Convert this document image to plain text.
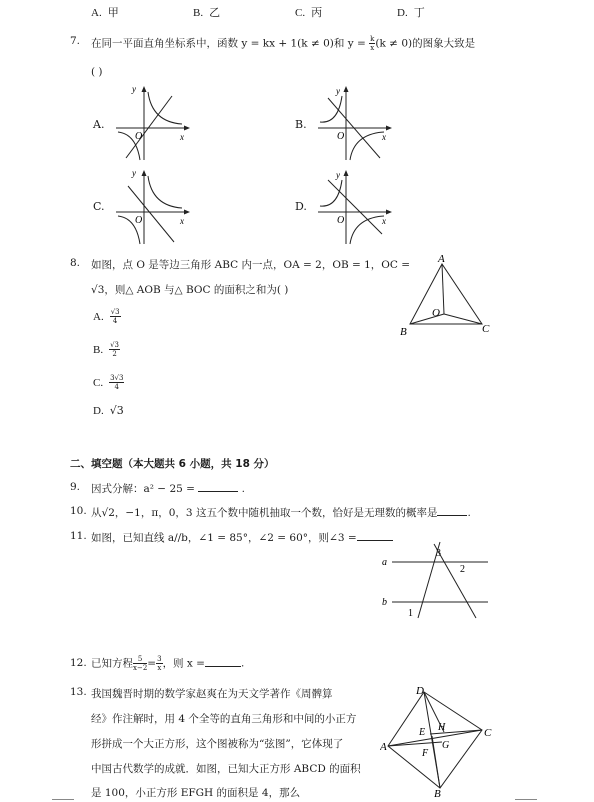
A. 甲	B. 乙	C. 丙	D. 丁
7. 在同一平面直角坐标系中，函数 y = kx + 1(k ≠ 0)和 $y = \frac{k}{x} (k \ne 0)$的图象大致是
( )
A.	B.
C.	D.
y
x
O
y
x
O
y
x
O
y
x
O
8. 如图，点 O 是等边三角形 ABC 内一点，OA = 2，OB = 1，OC =
√3，则△ AOB 与△ BOC 的面积之和为( )
A. $\frac{√3}{4}$
B. $\frac{√3}{2}$
C. $\frac{3√3}{4}$
D. √3
A
B	C
O
二、填空题（本大题共 6 小题，共 18 分）
9. 因式分解：a² − 25 =	.
10. 从√2，−1，π，0，3 这五个数中随机抽取一个数，恰好是无理数的概率是	.
11. 如图，已知直线 a//b，∠1 = 85°，∠2 = 60°，则∠3 =
a
b
3
2
1
12. 已知方程 $\frac{5}{x-2} = \frac{3}{x}$ ，则 x =	.
13. 我国魏晋时期的数学家赵爽在为天文学著作《周髀算
经》作注解时，用 4 个全等的直角三角形和中间的小正方
形拼成一个大正方形，这个图被称为“弦图”，它体现了
中国古代数学的成就．如图，已知大正方形 ABCD 的面积
是 100，小正方形 EFGH 的面积是 4，那么
D
C
A
B
E H
F
G
